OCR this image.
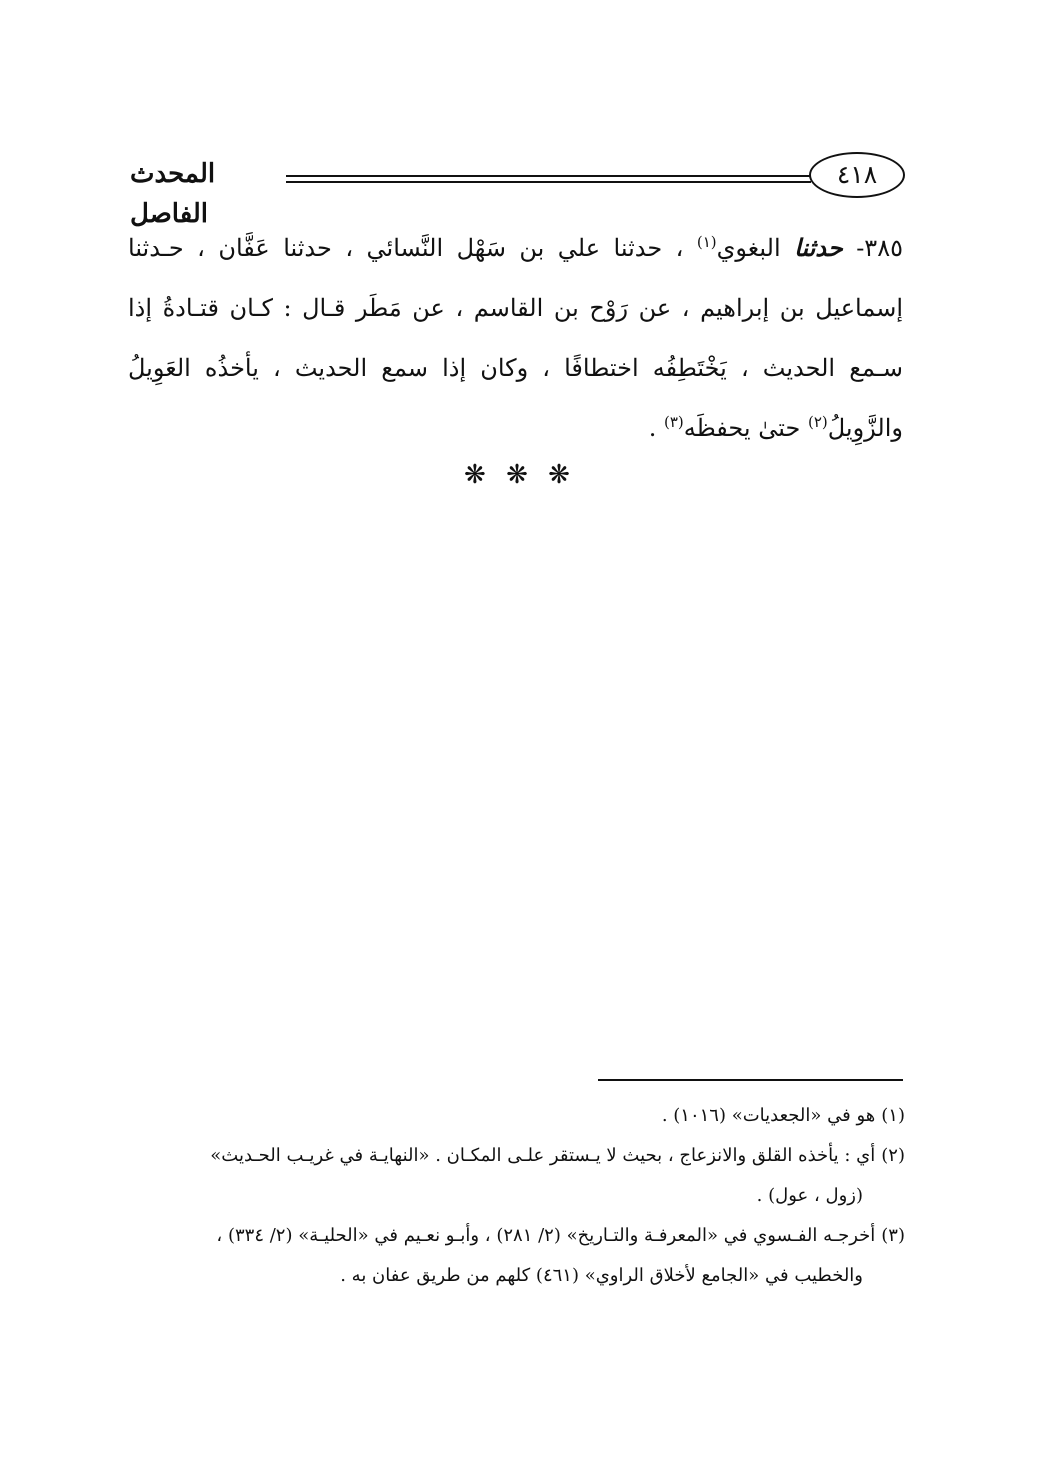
٤١٨
المحدث الفاصل
٣٨٥- حدثنا البغوي$^{(١)}$ ، حدثنا علي بن سَهْل النَّسائي ، حدثنا عَفَّان ، حـدثنا إسماعيل بن إبراهيم ، عن رَوْح بن القاسم ، عن مَطَر قـال : كـان قتـادةُ إذا سـمع الحديث ، يَخْتَطِفُه اختطافًا ، وكان إذا سمع الحديث ، يأخذُه العَوِيلُ والزَّوِيلُ$^{(٢)}$ حتىٰ يحفظَه$^{(٣)}$ .
❋ ❋ ❋
(١)هو في «الجعديات» (١٠١٦) .
(٢)أي : يأخذه القلق والانزعاج ، بحيث لا يـستقر علـى المكـان . «النهايـة في غريـب الحـديث»
(زول ، عول) .
(٣)أخرجـه الفـسوي في «المعرفـة والتـاريخ» (٢/ ٢٨١) ، وأبـو نعـيم في «الحليـة» (٢/ ٣٣٤) ،
والخطيب في «الجامع لأخلاق الراوي» (٤٦١) كلهم من طريق عفان به .
